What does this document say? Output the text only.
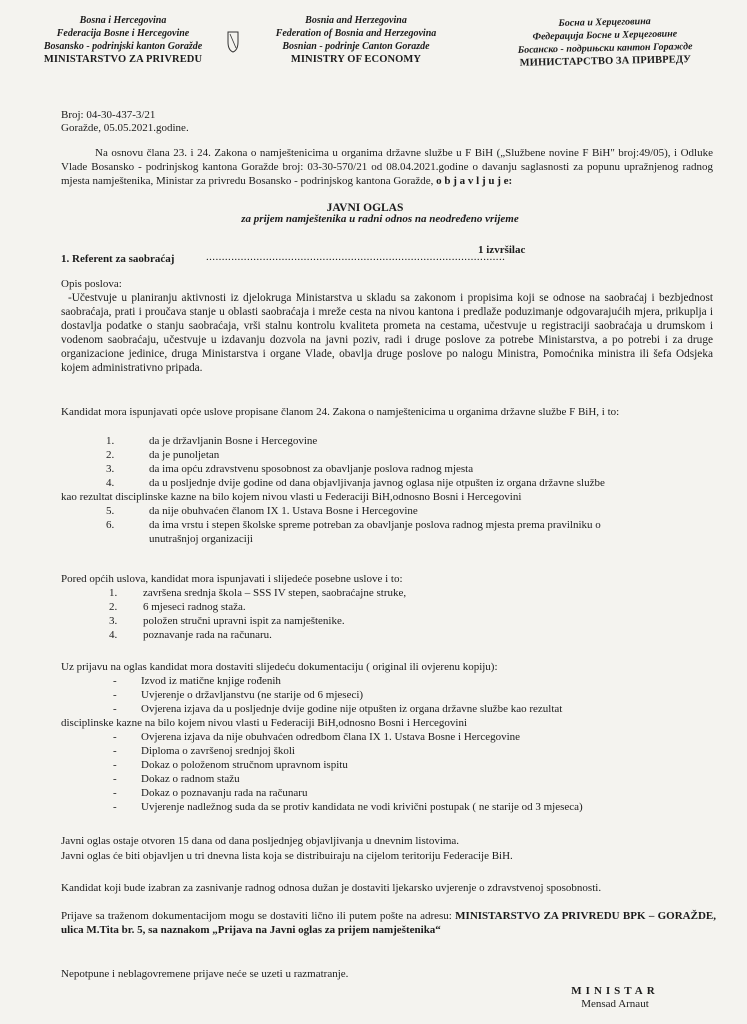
Bosna i Hercegovina
Federacija Bosne i Hercegovine
Bosansko - podrinjski kanton Goražde
MINISTARSTVO ZA PRIVREDU
Bosnia and Herzegovina
Federation of Bosnia and Herzegovina
Bosnian - podrinje Canton Gorazde
MINISTRY OF ECONOMY
Босна и Херцеговина
Федерација Босне и Херцеговине
Босанско - подрињски кантон Горажде
МИНИСТАРСТВО ЗА ПРИВРЕДУ
Broj: 04-30-437-3/21
Goražde, 05.05.2021.godine.
Na osnovu člana 23. i 24. Zakona o namještenicima u organima državne službe u F BiH („Službene novine F BiH" broj:49/05), i Odluke Vlade Bosansko - podrinjskog kantona Goražde broj: 03-30-570/21 od 08.04.2021.godine o davanju saglasnosti za popunu upražnjenog radnog mjesta namještenika, Ministar za privredu Bosansko - podrinjskog kantona Goražde, o b j a v l j u j e:
JAVNI OGLAS
za prijem namještenika u radni odnos na neodređeno vrijeme
1. Referent za saobraćaj	...............................................................................................
1 izvršilac
Opis poslova:
-Učestvuje u planiranju aktivnosti iz djelokruga Ministarstva u skladu sa zakonom i propisima koji se odnose na saobraćaj i bezbjednost saobraćaja, prati i proučava stanje u oblasti saobraćaja i mreže cesta na nivou kantona i predlaže poduzimanje odgovarajućih mjera, prikuplja i dostavlja podatke o stanju saobraćaja, vrši stalnu kontrolu kvaliteta prometa na cestama, učestvuje u registraciji saobraćaja u drumskom i vodenom saobraćaju, učestvuje u izdavanju dozvola na javni poziv, radi i druge poslove za potrebe Ministarstva, a po potrebi i za druge organizacione jedinice, druga Ministarstva i organe Vlade, obavlja druge poslove po nalogu Ministra, Pomoćnika ministra ili šefa Odsjeka kojem administrativno pripada.
Kandidat mora ispunjavati opće uslove propisane članom 24. Zakona o namještenicima u organima državne službe F BiH, i to:
1.	da je državljanin Bosne i Hercegovine
2.	da je punoljetan
3.	da ima opću zdravstvenu sposobnost za obavljanje poslova radnog mjesta
4.	da u posljednje dvije godine od dana objavljivanja javnog oglasa nije otpušten iz organa državne službe
kao rezultat disciplinske kazne na bilo kojem nivou vlasti u Federaciji BiH,odnosno Bosni i Hercegovini
5.	da nije obuhvaćen članom IX 1. Ustava Bosne i Hercegovine
6.	da ima vrstu i stepen školske spreme potreban za obavljanje poslova radnog mjesta prema pravilniku o
unutrašnjoj organizaciji
Pored općih uslova, kandidat mora ispunjavati i slijedeće posebne uslove i to:
1. završena srednja škola – SSS IV stepen, saobraćajne struke,
2. 6 mjeseci radnog staža.
3. položen stručni upravni ispit za namještenike.
4. poznavanje rada na računaru.
Uz prijavu na oglas kandidat mora dostaviti slijedeću dokumentaciju ( original ili ovjerenu kopiju):
- Izvod iz matične knjige rođenih
- Uvjerenje o državljanstvu (ne starije od 6 mjeseci)
- Ovjerena izjava da u posljednje dvije godine nije otpušten iz organa državne službe kao rezultat
disciplinske kazne na bilo kojem nivou vlasti u Federaciji BiH,odnosno Bosni i Hercegovini
- Ovjerena izjava da nije obuhvaćen odredbom člana IX 1. Ustava Bosne i Hercegovine
- Diploma o završenoj srednjoj školi
- Dokaz o položenom stručnom upravnom ispitu
- Dokaz o radnom stažu
- Dokaz o poznavanju rada na računaru
- Uvjerenje nadležnog suda da se protiv kandidata ne vodi krivični postupak ( ne starije od 3 mjeseca)
Javni oglas ostaje otvoren 15 dana od dana posljednjeg objavljivanja u dnevnim listovima.
Javni oglas će biti objavljen u tri dnevna lista koja se distribuiraju na cijelom teritoriju Federacije BiH.
Kandidat koji bude izabran za zasnivanje radnog odnosa dužan je dostaviti ljekarsko uvjerenje o zdravstvenoj sposobnosti.
Prijave sa traženom dokumentacijom mogu se dostaviti lično ili putem pošte na adresu: MINISTARSTVO ZA PRIVREDU BPK – GORAŽDE, ulica M.Tita br. 5, sa naznakom „Prijava na Javni oglas za prijem namještenika“
Nepotpune i neblagovremene prijave neće se uzeti u razmatranje.
MINISTAR
Mensad Arnaut
